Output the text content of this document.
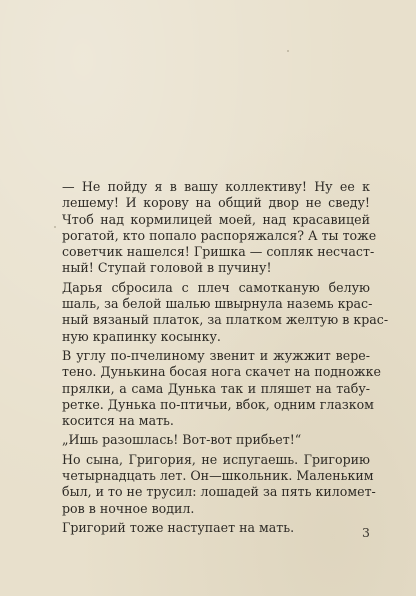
— Не пойду я в вашу коллективу! Ну ее к
лешему! И корову на общий двор не сведу!
Чтоб над кормилицей моей, над красавицей
рогатой, кто попало распоряжался? А ты тоже
советчик нашелся! Гришка — сопляк несчаст-
ный! Ступай головой в пучину!
Дарья сбросила с плеч самотканую белую
шаль, за белой шалью швырнула наземь крас-
ный вязаный платок, за платком желтую в крас-
ную крапинку косынку.
В углу по-пчелиному звенит и жужжит вере-
тено. Дунькина босая нога скачет на подножке
прялки, а сама Дунька так и пляшет на табу-
ретке. Дунька по-птичьи, вбок, одним глазком
косится на мать.
„Ишь разошлась! Вот-вот прибьет!“
Но сына, Григория, не испугаешь. Григорию
четырнадцать лет. Он—школьник. Маленьким
был, и то не трусил: лошадей за пять километ-
ров в ночное водил.
Григорий тоже наступает на мать.	3
